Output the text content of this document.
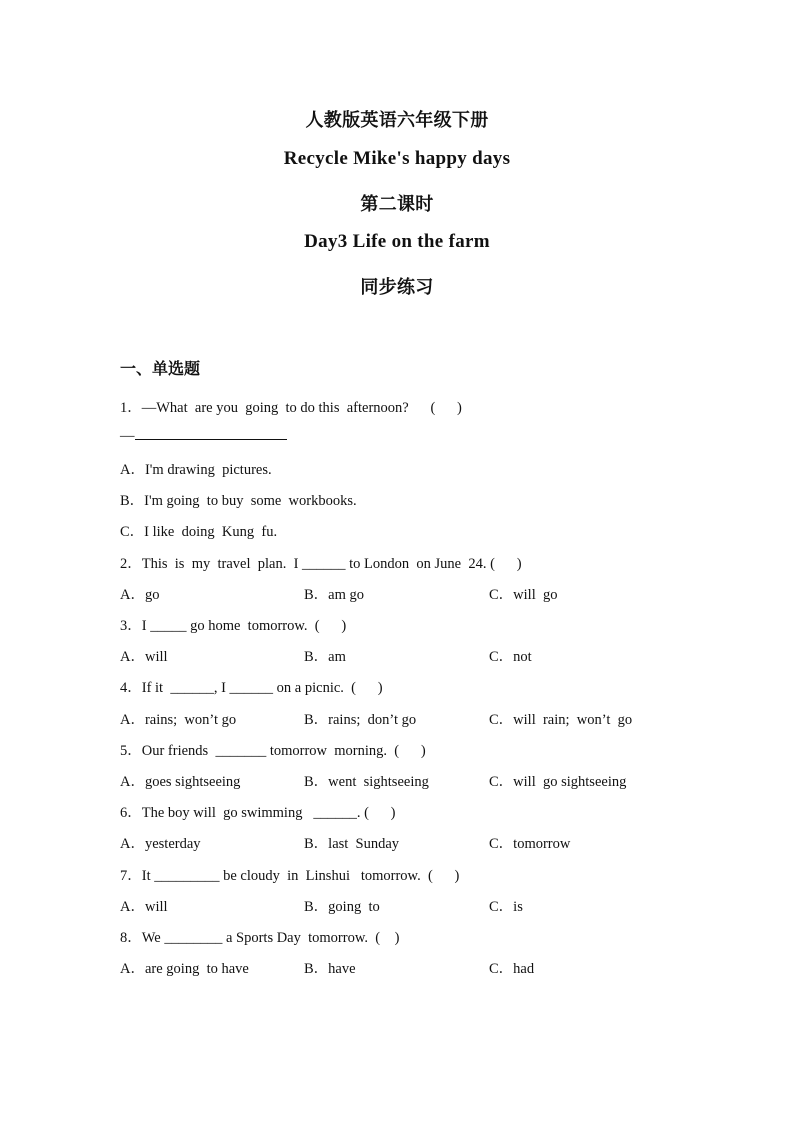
人教版英语六年级下册
Recycle Mike's happy days
第二课时
Day3 Life on the farm
同步练习
一、单选题
1．—What  are you  going  to do this  afternoon?      (      )
—
A．I'm drawing  pictures.
B．I'm going  to buy  some  workbooks.
C．I like  doing  Kung  fu.
2．This  is  my  travel  plan.  I ______ to London  on June  24. (      )
A．go	B．am go	C．will  go
3．I _____ go home  tomorrow.  (      )
A．will	B．am	C．not
4．If it  ______, I ______ on a picnic.  (      )
A．rains;  won’t go	B．rains;  don’t go	C．will  rain;  won’t  go
5．Our friends  _______ tomorrow  morning.  (      )
A．goes sightseeing	B．went  sightseeing	C．will  go sightseeing
6．The boy will  go swimming   ______. (      )
A．yesterday	B．last  Sunday	C．tomorrow
7．It _________ be cloudy  in  Linshui   tomorrow.  (      )
A．will	B．going  to	C．is
8．We ________ a Sports Day  tomorrow.  (    )
A．are going  to have	B．have	C．had
